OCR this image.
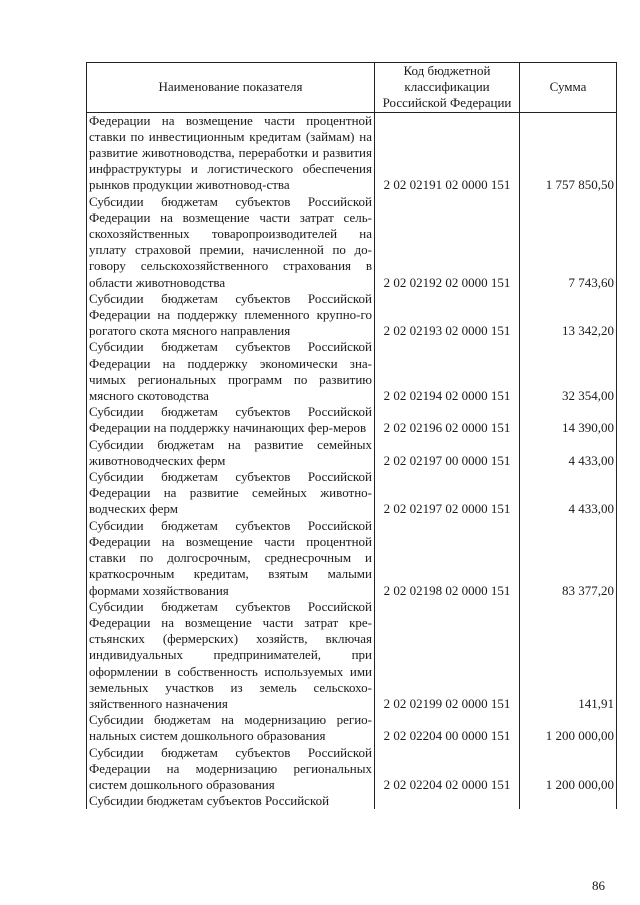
Наименование показателя	Код бюджетной классификации Российской Федерации	Сумма
Федерации на возмещение части процентной ставки по инвестиционным кредитам (займам) на развитие животноводства, переработки и развития инфраструктуры и логистического обеспечения рынков продукции животновод-ства	2 02 02191 02 0000 151	1 757 850,50
Субсидии бюджетам субъектов Российской Федерации на возмещение части затрат сель-скохозяйственных товаропроизводителей на уплату страховой премии, начисленной по до-говору сельскохозяйственного страхования в области животноводства	2 02 02192 02 0000 151	7 743,60
Субсидии бюджетам субъектов Российской Федерации на поддержку племенного крупно-го рогатого скота мясного направления	2 02 02193 02 0000 151	13 342,20
Субсидии бюджетам субъектов Российской Федерации на поддержку экономически зна-чимых региональных программ по развитию мясного скотоводства	2 02 02194 02 0000 151	32 354,00
Субсидии бюджетам субъектов Российской Федерации на поддержку начинающих фер-меров	2 02 02196 02 0000 151	14 390,00
Субсидии бюджетам на развитие семейных животноводческих ферм	2 02 02197 00 0000 151	4 433,00
Субсидии бюджетам субъектов Российской Федерации на развитие семейных животно-водческих ферм	2 02 02197 02 0000 151	4 433,00
Субсидии бюджетам субъектов Российской Федерации на возмещение части процентной ставки по долгосрочным, среднесрочным и краткосрочным кредитам, взятым малыми формами хозяйствования	2 02 02198 02 0000 151	83 377,20
Субсидии бюджетам субъектов Российской Федерации на возмещение части затрат кре-стьянских (фермерских) хозяйств, включая индивидуальных предпринимателей, при оформлении в собственность используемых ими земельных участков из земель сельскохо-зяйственного назначения	2 02 02199 02 0000 151	141,91
Субсидии бюджетам на модернизацию регио-нальных систем дошкольного образования	2 02 02204 00 0000 151	1 200 000,00
Субсидии бюджетам субъектов Российской Федерации на модернизацию региональных систем дошкольного образования	2 02 02204 02 0000 151	1 200 000,00
Субсидии бюджетам субъектов Российской		
86
